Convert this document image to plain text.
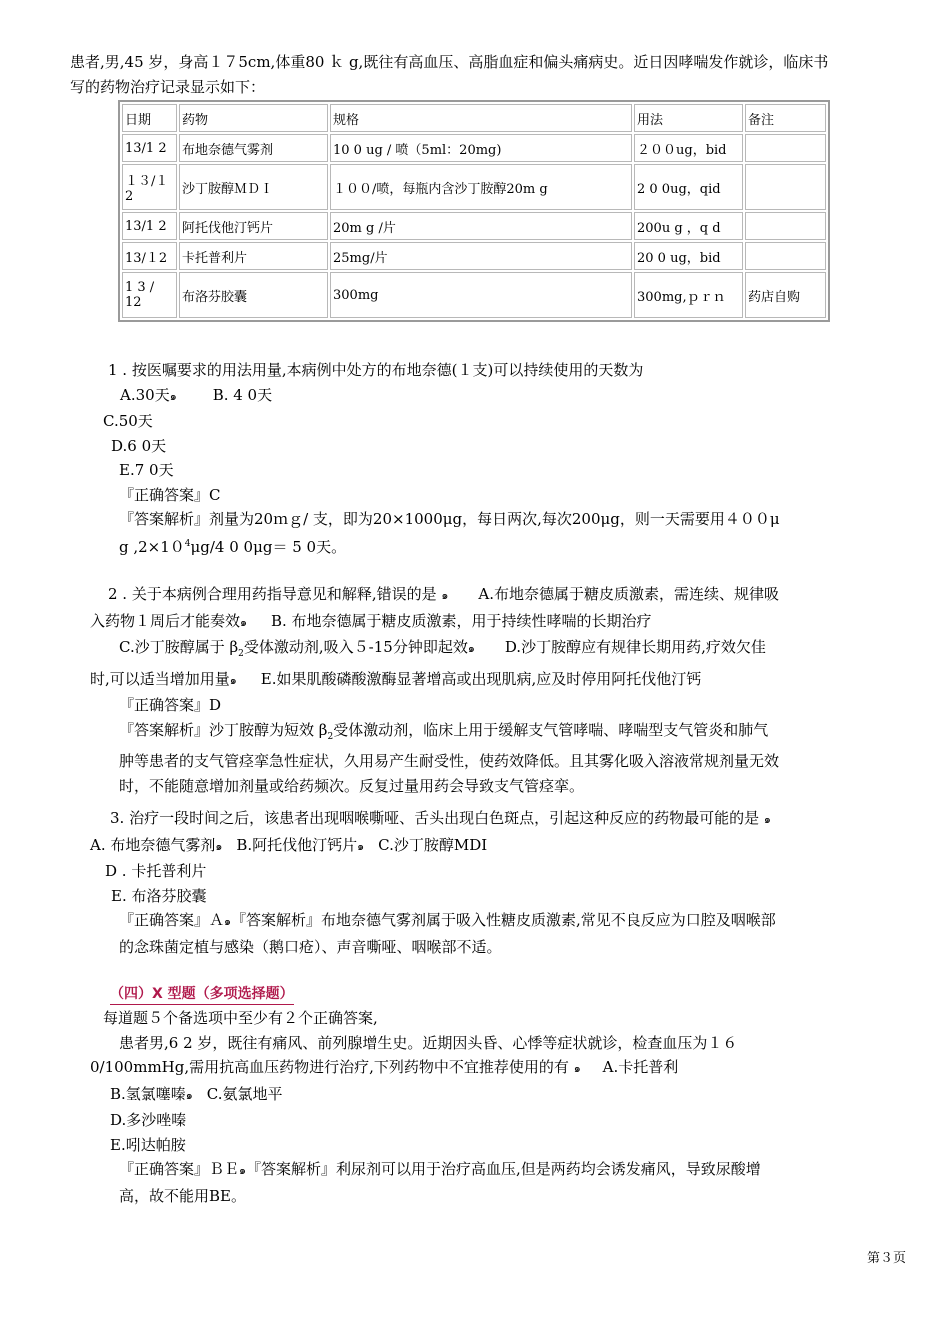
患者,男,45 岁，身高１７5cm,体重80 ｋ g,既往有高血压、高脂血症和偏头痛病史。近日因哮喘发作就诊，临床书
写的药物治疗记录显示如下：
日期	药物	规格	用法	备注
13/1 2	布地奈德气雾剂	10 0 ug / 喷（5ml：20mg)	２００ug，bid	

１３/１
2	沙丁胺醇ＭＤＩ	１００/喷，每瓶内含沙丁胺醇20m g	2 0 0ug，qid	
13/1 2	阿托伐他汀钙片	20m g /片	200u g ，q d	
13/１2	卡托普利片	25mg/片	20 0 ug，bid	

1 3 /
12	布洛芬胶囊	300mg	300mg,ｐｒｎ	药店自购
1 . 按医嘱要求的用法用量,本病例中处方的布地奈德(１支)可以持续使用的天数为
A.30天๑ B. 4 0天
C.50天
D.6 0天
E.7 0天
『正确答案』C
『答案解析』剂量为20ｍｇ/ 支，即为20×1000μg，每日两次,每次200μg，则一天需要用４００μ
g $,2\times 10^4\mu g/4$ 0 0μg＝ 5 0天。
2 . 关于本病例合理用药指导意见和解释,错误的是 ๑ A.布地奈德属于糖皮质激素，需连续、规律吸
入药物１周后才能奏效๑ B. 布地奈德属于糖皮质激素，用于持续性哮喘的长期治疗
C.沙丁胺醇属于 $\beta_2$受体激动剂,吸入５-15分钟即起效๑ D.沙丁胺醇应有规律长期用药,疗效欠佳
时,可以适当增加用量๑ E.如果肌酸磷酸激酶显著增高或出现肌病,应及时停用阿托伐他汀钙
『正确答案』D
『答案解析』沙丁胺醇为短效 $\beta_2$受体激动剂，临床上用于缓解支气管哮喘、哮喘型支气管炎和肺气
肿等患者的支气管痉挛急性症状，久用易产生耐受性，使药效降低。且其雾化吸入溶液常规剂量无效
时，不能随意增加剂量或给药频次。反复过量用药会导致支气管痉挛。
3. 治疗一段时间之后，该患者出现咽喉嘶哑、舌头出现白色斑点，引起这种反应的药物最可能的是 ๑
A. 布地奈德气雾剂๑ B.阿托伐他汀钙片๑ C.沙丁胺醇MDI
D . 卡托普利片
E. 布洛芬胶囊
『正确答案』Ａ๑『答案解析』布地奈德气雾剂属于吸入性糖皮质激素,常见不良反应为口腔及咽喉部
的念珠菌定植与感染（鹅口疮）、声音嘶哑、咽喉部不适。
（四）X 型题（多项选择题）
每道题５个备选项中至少有２个正确答案,
患者男,6 2 岁，既往有痛风、前列腺增生史。近期因头昏、心悸等症状就诊，检查血压为１６
0/100mmHg,需用抗高血压药物进行治疗,下列药物中不宜推荐使用的有 ๑ A.卡托普利
B.氢氯噻嗪๑ C.氨氯地平
D.多沙唑嗪
E.吲达帕胺
『正确答案』ＢＥ๑『答案解析』利尿剂可以用于治疗高血压,但是两药均会诱发痛风，导致尿酸增
高，故不能用BE。
第３页
